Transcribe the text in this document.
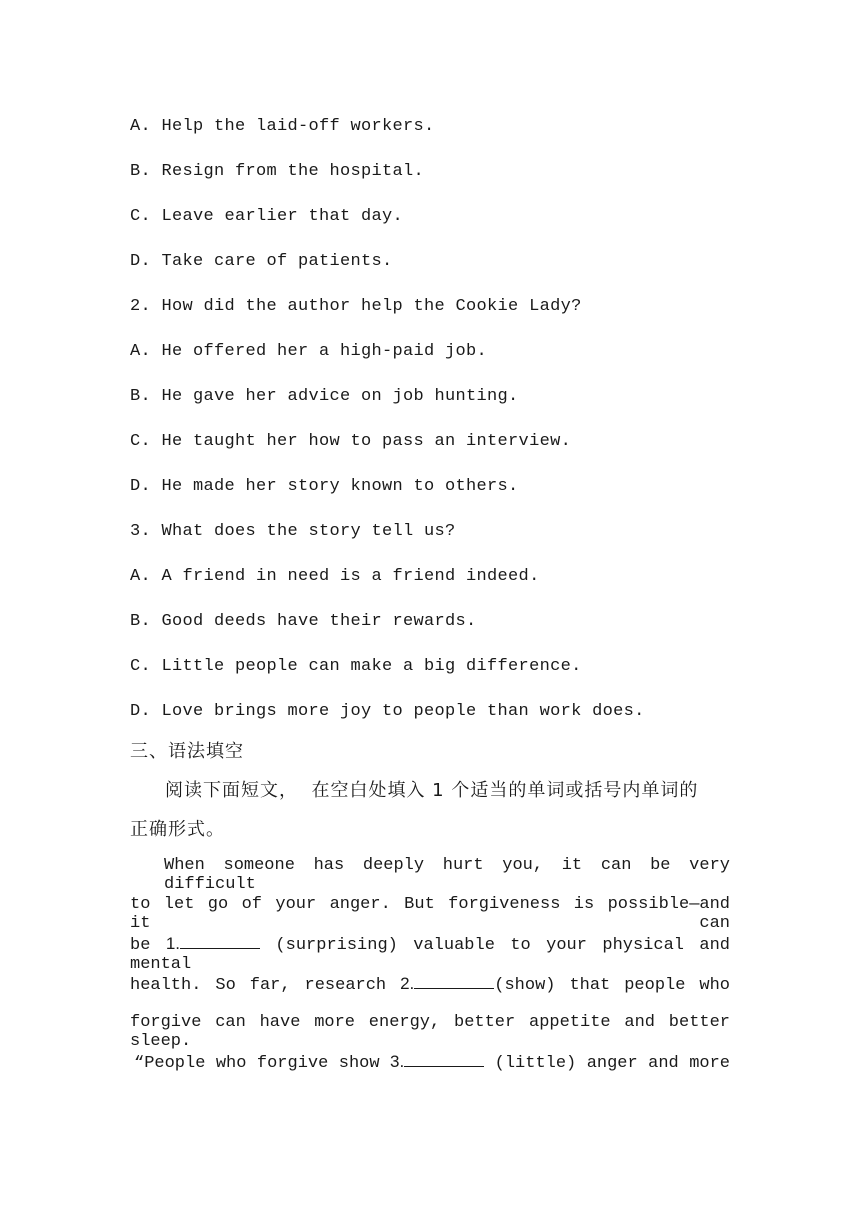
A. Help the laid-off workers.
B. Resign from the hospital.
C. Leave earlier that day.
D. Take care of patients.
2. How did the author help the Cookie Lady?
A. He offered her a high-paid job.
B. He gave her advice on job hunting.
C. He taught her how to pass an interview.
D. He made her story known to others.
3. What does the story tell us?
A. A friend in need is a friend indeed.
B. Good deeds have their rewards.
C. Little people can make a big difference.
D. Love brings more joy to people than work does.
三、语法填空
阅读下面短文，  在空白处填入 1 个适当的单词或括号内单词的
正确形式。
When someone has deeply hurt you, it can be very difficult
to let go of your anger. But forgiveness is possible—and it can
be 1.	(surprising) valuable to your physical and mental
health. So far, research 2.	(show) that people who
forgive can have more energy, better appetite and better sleep.
“People who forgive show 3.	(little) anger and more
